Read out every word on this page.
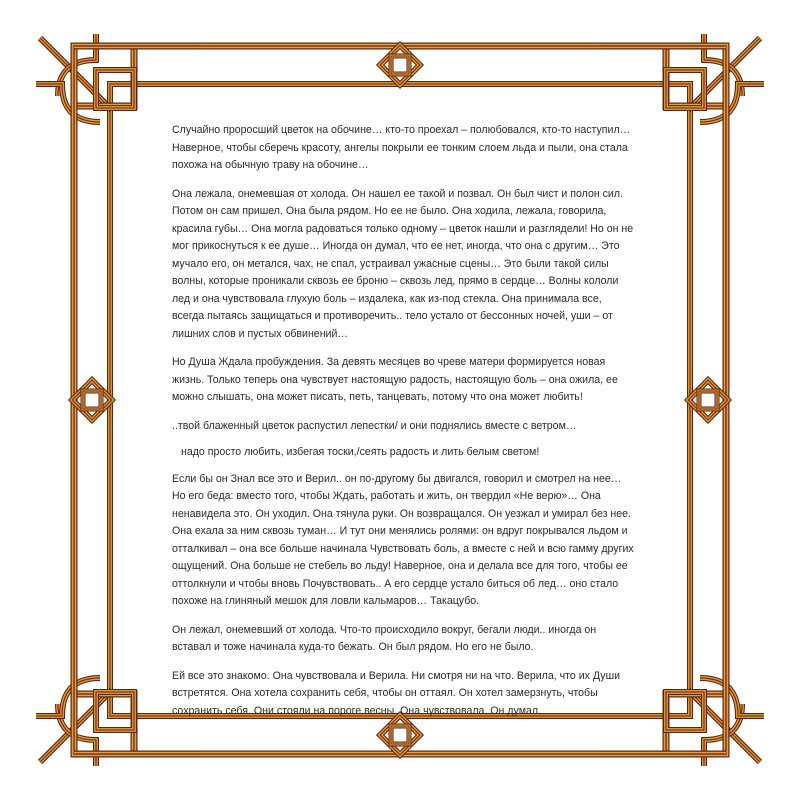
Случайно проросший цветок на обочине… кто-то проехал – полюбовался, кто-то наступил… Наверное, чтобы сберечь красоту, ангелы покрыли ее тонким слоем льда и пыли, она стала похожа на обычную траву на обочине…

Она лежала, онемевшая от холода. Он нашел ее такой и позвал. Он был чист и полон сил. Потом он сам пришел. Она была рядом. Но ее не было. Она ходила, лежала, говорила, красила губы… Она могла радоваться только одному – цветок нашли и разглядели! Но он не мог прикоснуться к ее душе… Иногда он думал, что ее нет, иногда, что она с другим… Это мучало его, он метался, чах, не спал, устраивал ужасные сцены… Это были такой силы волны, которые проникали сквозь ее броню – сквозь лед, прямо в сердце… Волны кололи лед и она чувствовала глухую боль – издалека, как из-под стекла. Она принимала все, всегда пытаясь защищаться и противоречить.. тело устало от бессонных ночей, уши – от лишних слов и пустых обвинений…

Но Душа Ждала пробуждения. За девять месяцев во чреве матери формируется новая жизнь. Только теперь она чувствует настоящую радость, настоящую боль – она ожила, ее можно слышать, она может писать, петь, танцевать, потому что она может любить!

..твой блаженный цветок распустил лепестки/ и они поднялись вместе с ветром…

надо просто любить, избегая тоски,/сеять радость и лить белым светом!

Если бы он Знал все это и Верил.. он по-другому бы двигался, говорил и смотрел на нее… Но его беда: вместо того, чтобы Ждать, работать и жить, он твердил «Не верю»… Она ненавидела это. Он уходил. Она тянула руки. Он возвращался. Он уезжал и умирал без нее. Она ехала за ним сквозь туман… И тут они менялись ролями: он вдруг покрывался льдом и отталкивал – она все больше начинала Чувствовать боль, а вместе с ней и всю гамму других ощущений. Она больше не стебель во льду! Наверное, она и делала все для того, чтобы ее оттолкнули и чтобы вновь Почувствовать.. А его сердце устало биться об лед… оно стало похоже на глиняный мешок для ловли кальмаров… Такацубо.

Он лежал, онемевший от холода. Что-то происходило вокруг, бегали люди.. иногда он вставал и тоже начинала куда-то бежать. Он был рядом. Но его не было.

Ей все это знакомо. Она чувствовала и Верила. Ни смотря ни на что. Верила, что их Души встретятся. Она хотела сохранить себя, чтобы он оттаял. Он хотел замерзнуть, чтобы сохранить себя. Они стояли на пороге весны. Она чувствовала. Он думал.
